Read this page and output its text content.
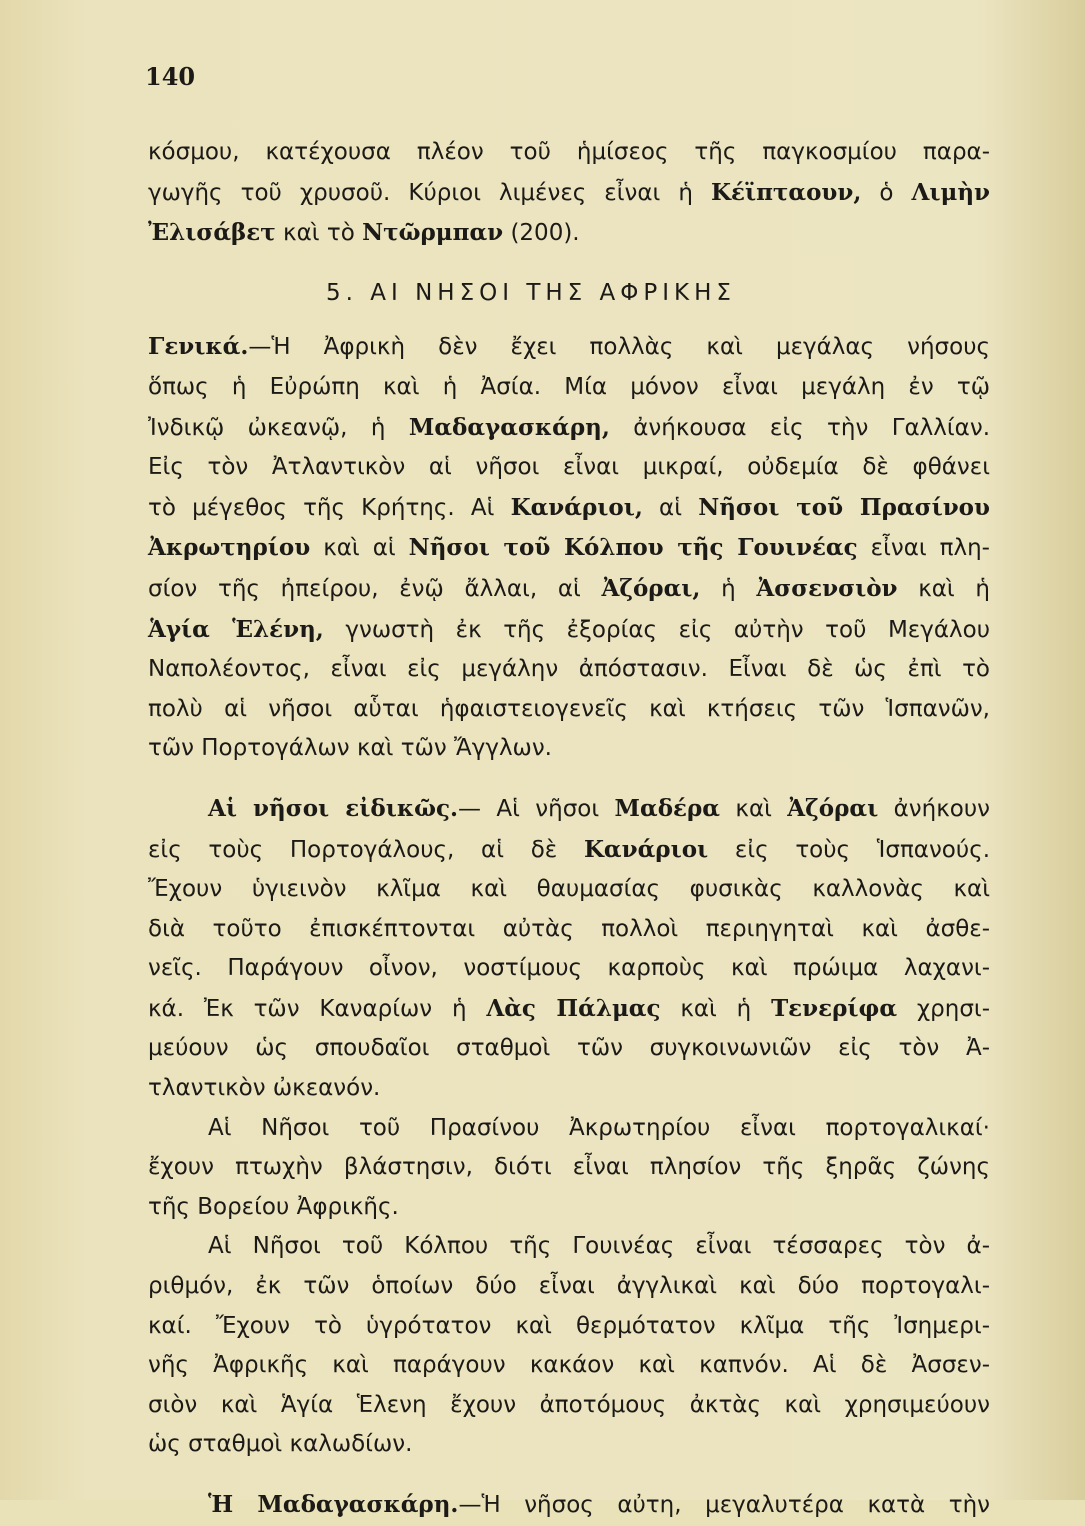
140
κόσμου, κατέχουσα πλέον τοῦ ἡμίσεος τῆς παγκοσμίου παρα-
γωγῆς τοῦ χρυσοῦ. Κύριοι λιμένες εἶναι ἡ Κέϊπταουν, ὁ Λιμὴν
Ἐλισάβετ καὶ τὸ Ντῶρμπαν (200).
5. ΑΙ ΝΗΣΟΙ ΤΗΣ ΑΦΡΙΚΗΣ
Γενικά.—Ἡ Ἀφρικὴ δὲν ἔχει πολλὰς καὶ μεγάλας νήσους
ὅπως ἡ Εὐρώπη καὶ ἡ Ἀσία. Μία μόνον εἶναι μεγάλη ἐν τῷ
Ἰνδικῷ ὠκεανῷ, ἡ Μαδαγασκάρη, ἀνήκουσα εἰς τὴν Γαλλίαν.
Εἰς τὸν Ἀτλαντικὸν αἱ νῆσοι εἶναι μικραί, οὐδεμία δὲ φθάνει
τὸ μέγεθος τῆς Κρήτης. Αἱ Κανάριοι, αἱ Νῆσοι τοῦ Πρασίνου
Ἀκρωτηρίου καὶ αἱ Νῆσοι τοῦ Κόλπου τῆς Γουινέας εἶναι πλη-
σίον τῆς ἠπείρου, ἐνῷ ἄλλαι, αἱ Ἀζόραι, ἡ Ἀσσενσιὸν καὶ ἡ
Ἁγία Ἑλένη, γνωστὴ ἐκ τῆς ἐξορίας εἰς αὐτὴν τοῦ Μεγάλου
Ναπολέοντος, εἶναι εἰς μεγάλην ἀπόστασιν. Εἶναι δὲ ὡς ἐπὶ τὸ
πολὺ αἱ νῆσοι αὗται ἡφαιστειογενεῖς καὶ κτήσεις τῶν Ἱσπανῶν,
τῶν Πορτογάλων καὶ τῶν Ἄγγλων.
Αἱ νῆσοι εἰδικῶς.— Αἱ νῆσοι Μαδέρα καὶ Ἀζόραι ἀνήκουν
εἰς τοὺς Πορτογάλους, αἱ δὲ Κανάριοι εἰς τοὺς Ἱσπανούς.
Ἔχουν ὑγιεινὸν κλῖμα καὶ θαυμασίας φυσικὰς καλλονὰς καὶ
διὰ τοῦτο ἐπισκέπτονται αὐτὰς πολλοὶ περιηγηταὶ καὶ ἀσθε-
νεῖς. Παράγουν οἶνον, νοστίμους καρποὺς καὶ πρώιμα λαχανι-
κά. Ἐκ τῶν Καναρίων ἡ Λὰς Πάλμας καὶ ἡ Τενερίφα χρησι-
μεύουν ὡς σπουδαῖοι σταθμοὶ τῶν συγκοινωνιῶν εἰς τὸν Ἀ-
τλαντικὸν ὠκεανόν.
Αἱ Νῆσοι τοῦ Πρασίνου Ἀκρωτηρίου εἶναι πορτογαλικαί·
ἔχουν πτωχὴν βλάστησιν, διότι εἶναι πλησίον τῆς ξηρᾶς ζώνης
τῆς Βορείου Ἀφρικῆς.
Αἱ Νῆσοι τοῦ Κόλπου τῆς Γουινέας εἶναι τέσσαρες τὸν ἀ-
ριθμόν, ἐκ τῶν ὁποίων δύο εἶναι ἀγγλικαὶ καὶ δύο πορτογαλι-
καί. Ἔχουν τὸ ὑγρότατον καὶ θερμότατον κλῖμα τῆς Ἰσημερι-
νῆς Ἀφρικῆς καὶ παράγουν κακάον καὶ καπνόν. Αἱ δὲ Ἀσσεν-
σιὸν καὶ Ἁγία Ἑλενη ἔχουν ἀποτόμους ἀκτὰς καὶ χρησιμεύουν
ὡς σταθμοὶ καλωδίων.
Ἡ Μαδαγασκάρη.—Ἡ νῆσος αὐτη, μεγαλυτέρα κατὰ τὴν
